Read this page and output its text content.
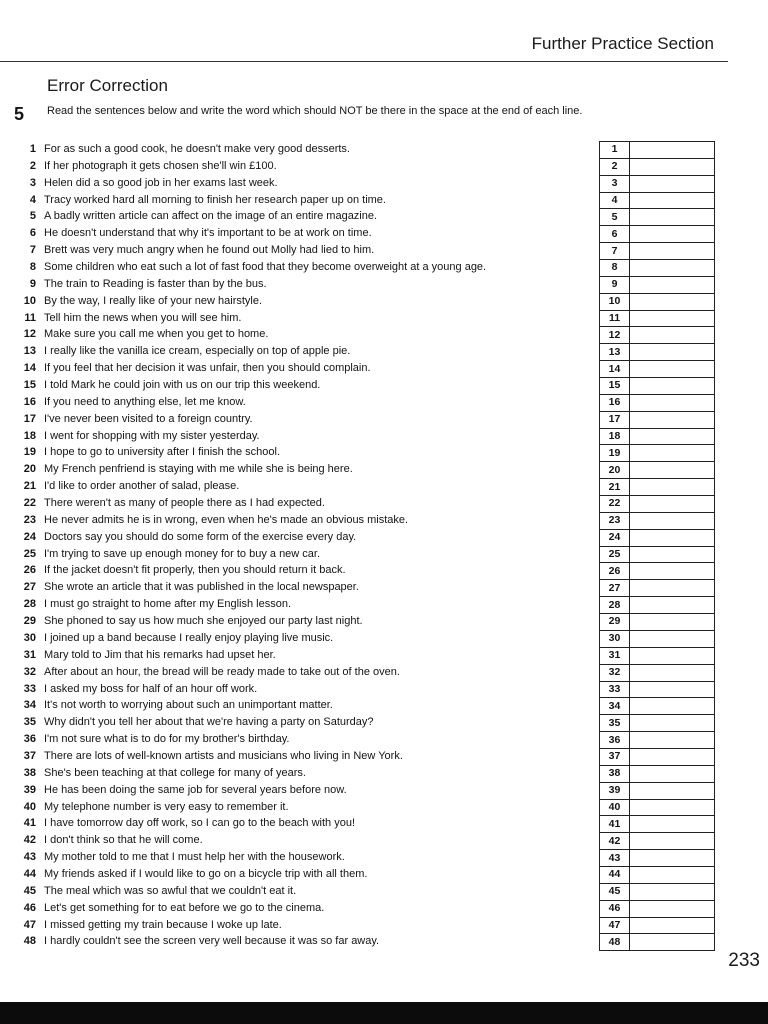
Further Practice Section
Error Correction
5 Read the sentences below and write the word which should NOT be there in the space at the end of each line.
1 For as such a good cook, he doesn't make very good desserts.
2 If her photograph it gets chosen she'll win £100.
3 Helen did a so good job in her exams last week.
4 Tracy worked hard all morning to finish her research paper up on time.
5 A badly written article can affect on the image of an entire magazine.
6 He doesn't understand that why it's important to be at work on time.
7 Brett was very much angry when he found out Molly had lied to him.
8 Some children who eat such a lot of fast food that they become overweight at a young age.
9 The train to Reading is faster than by the bus.
10 By the way, I really like of your new hairstyle.
11 Tell him the news when you will see him.
12 Make sure you call me when you get to home.
13 I really like the vanilla ice cream, especially on top of apple pie.
14 If you feel that her decision it was unfair, then you should complain.
15 I told Mark he could join with us on our trip this weekend.
16 If you need to anything else, let me know.
17 I've never been visited to a foreign country.
18 I went for shopping with my sister yesterday.
19 I hope to go to university after I finish the school.
20 My French penfriend is staying with me while she is being here.
21 I'd like to order another of salad, please.
22 There weren't as many of people there as I had expected.
23 He never admits he is in wrong, even when he's made an obvious mistake.
24 Doctors say you should do some form of the exercise every day.
25 I'm trying to save up enough money for to buy a new car.
26 If the jacket doesn't fit properly, then you should return it back.
27 She wrote an article that it was published in the local newspaper.
28 I must go straight to home after my English lesson.
29 She phoned to say us how much she enjoyed our party last night.
30 I joined up a band because I really enjoy playing live music.
31 Mary told to Jim that his remarks had upset her.
32 After about an hour, the bread will be ready made to take out of the oven.
33 I asked my boss for half of an hour off work.
34 It's not worth to worrying about such an unimportant matter.
35 Why didn't you tell her about that we're having a party on Saturday?
36 I'm not sure what is to do for my brother's birthday.
37 There are lots of well-known artists and musicians who living in New York.
38 She's been teaching at that college for many of years.
39 He has been doing the same job for several years before now.
40 My telephone number is very easy to remember it.
41 I have tomorrow day off work, so I can go to the beach with you!
42 I don't think so that he will come.
43 My mother told to me that I must help her with the housework.
44 My friends asked if I would like to go on a bicycle trip with all them.
45 The meal which was so awful that we couldn't eat it.
46 Let's get something for to eat before we go to the cinema.
47 I missed getting my train because I woke up late.
48 I hardly couldn't see the screen very well because it was so far away.
1	
2	
3	
4	
5	
6	
7	
8	
9	
10	
11	
12	
13	
14	
15	
16	
17	
18	
19	
20	
21	
22	
23	
24	
25	
26	
27	
28	
29	
30	
31	
32	
33	
34	
35	
36	
37	
38	
39	
40	
41	
42	
43	
44	
45	
46	
47	
48	
233
